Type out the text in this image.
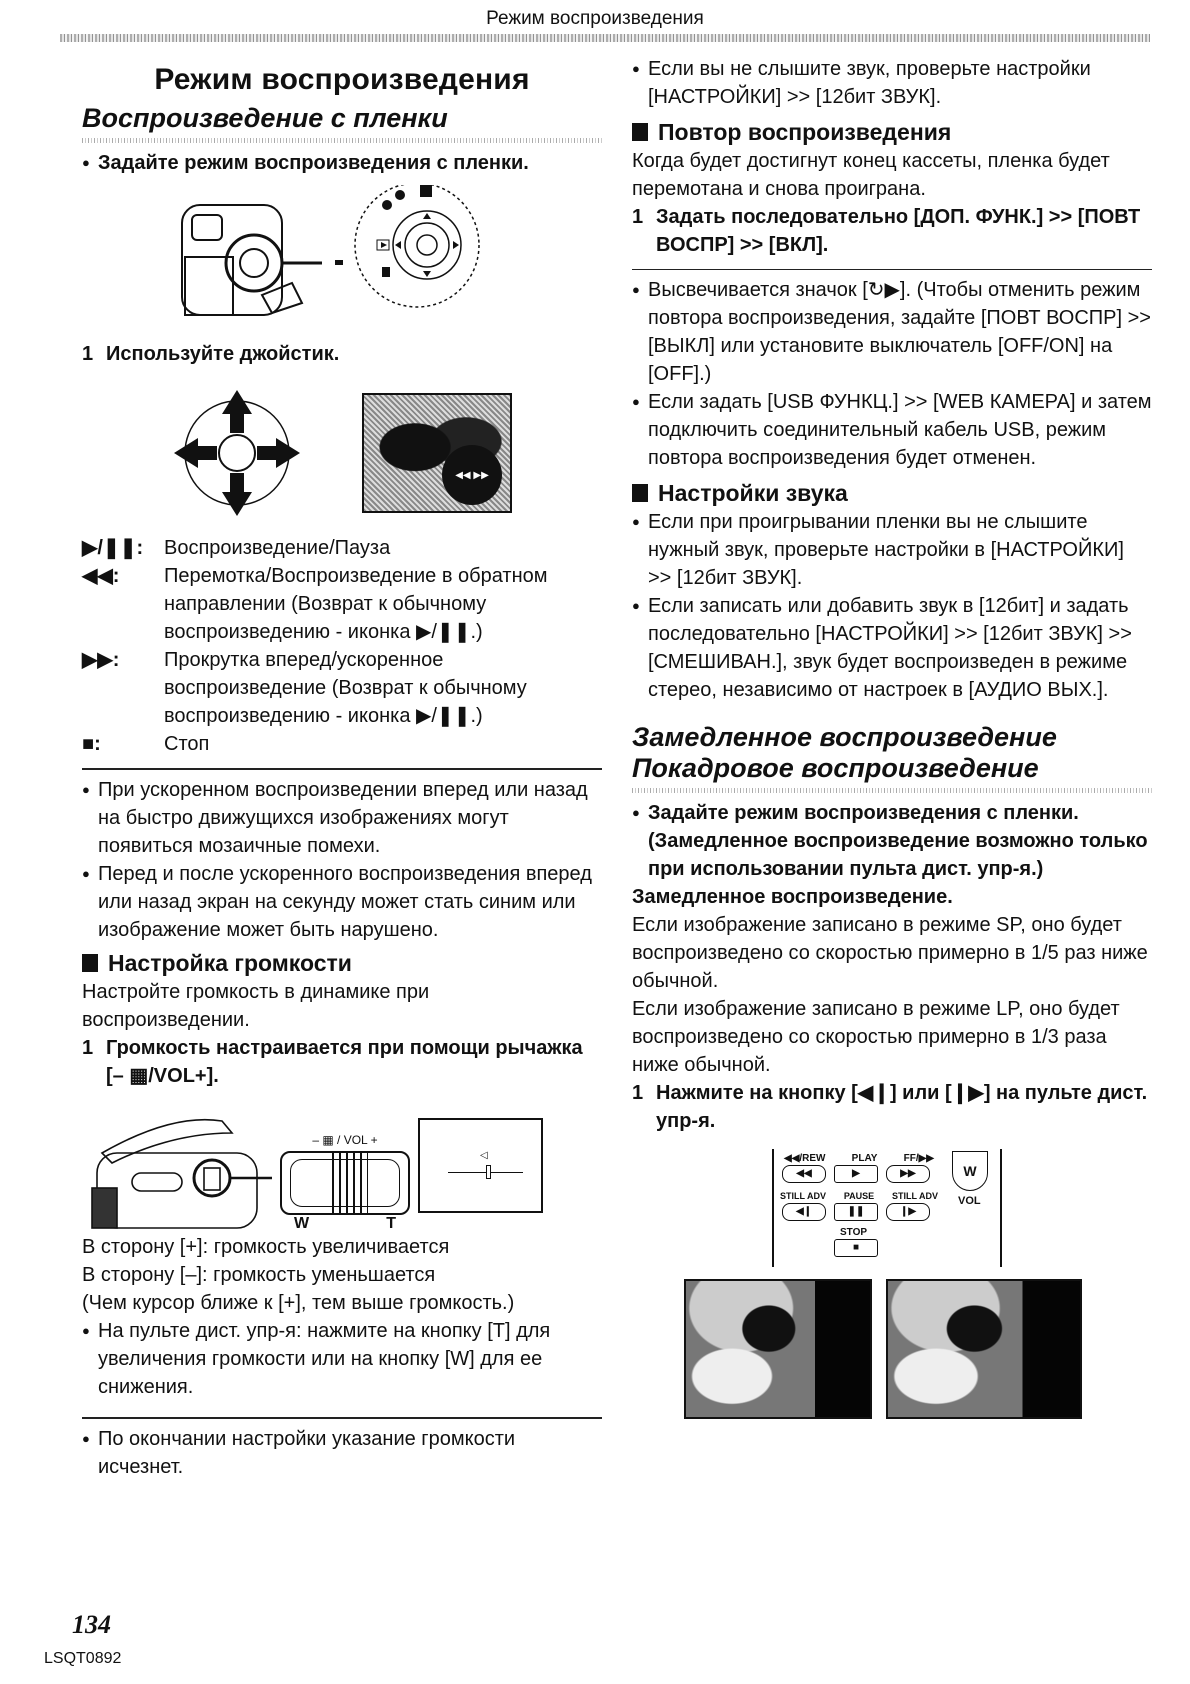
Режим воспроизведения
Режим воспроизведения
Воспроизведение с пленки
● Задайте режим воспроизведения с пленки.
1 Используйте джойстик.
◀◀ ▶▶
▶/❚❚:	Воспроизведение/Пауза
◀◀:	Перемотка/Воспроизведение в обратном направлении (Возврат к обычному воспроизведению - иконка ▶/❚❚.)
▶▶:	Прокрутка вперед/ускоренное воспроизведение (Возврат к обычному воспроизведению - иконка ▶/❚❚.)
■:	Стоп
● При ускоренном воспроизведении вперед или назад на быстро движущихся изображениях могут появиться мозаичные помехи.
● Перед и после ускоренного воспроизведения вперед или назад экран на секунду может стать синим или изображение может быть нарушено.
Настройка громкости
Настройте громкость в динамике при воспроизведении.
1 Громкость настраивается при помощи рычажка [– ▦/VOL+].
– ▦ / VOL +
W	T
◁
В сторону [+]: громкость увеличивается
В сторону [–]: громкость уменьшается
(Чем курсор ближе к [+], тем выше громкость.)
● На пульте дист. упр-я: нажмите на кнопку [T] для увеличения громкости или на кнопку [W] для ее снижения.
● По окончании настройки указание громкости исчезнет.
● Если вы не слышите звук, проверьте настройки [НАСТРОЙКИ] >> [12бит ЗВУК].
Повтор воспроизведения
Когда будет достигнут конец кассеты, пленка будет перемотана и снова проиграна.
1 Задать последовательно [ДОП. ФУНК.] >> [ПОВТ ВОСПР] >> [ВКЛ].
● Высвечивается значок [↻▶]. (Чтобы отменить режим повтора воспроизведения, задайте [ПОВТ ВОСПР] >> [ВЫКЛ] или установите выключатель [OFF/ON] на [OFF].)
● Если задать [USB ФУНКЦ.] >> [WEB КАМЕРА] и затем подключить соединительный кабель USB, режим повтора воспроизведения будет отменен.
Настройки звука
● Если при проигрывании пленки вы не слышите нужный звук, проверьте настройки в [НАСТРОЙКИ] >> [12бит ЗВУК].
● Если записать или добавить звук в [12бит] и задать последовательно [НАСТРОЙКИ] >> [12бит ЗВУК] >> [СМЕШИВАН.], звук будет воспроизведен в режиме стерео, независимо от настроек в [АУДИО ВЫХ.].
Замедленное воспроизведение
Покадровое воспроизведение
● Задайте режим воспроизведения с пленки. (Замедленное воспроизведение возможно только при использовании пульта дист. упр-я.)
Замедленное воспроизведение.
Если изображение записано в режиме SP, оно будет воспроизведено со скоростью примерно в 1/5 раз ниже обычной.
Если изображение записано в режиме LP, оно будет воспроизведено со скоростью примерно в 1/3 раза ниже обычной.
1 Нажмите на кнопку [◀❙] или [❙▶] на пульте дист. упр-я.
◀◀/REW	PLAY	FF/▶▶
◀◀	▶	▶▶
STILL ADV PAUSE STILL ADV
◀❙	❚❚	❙▶
STOP
■
W
VOL
134
LSQT0892
